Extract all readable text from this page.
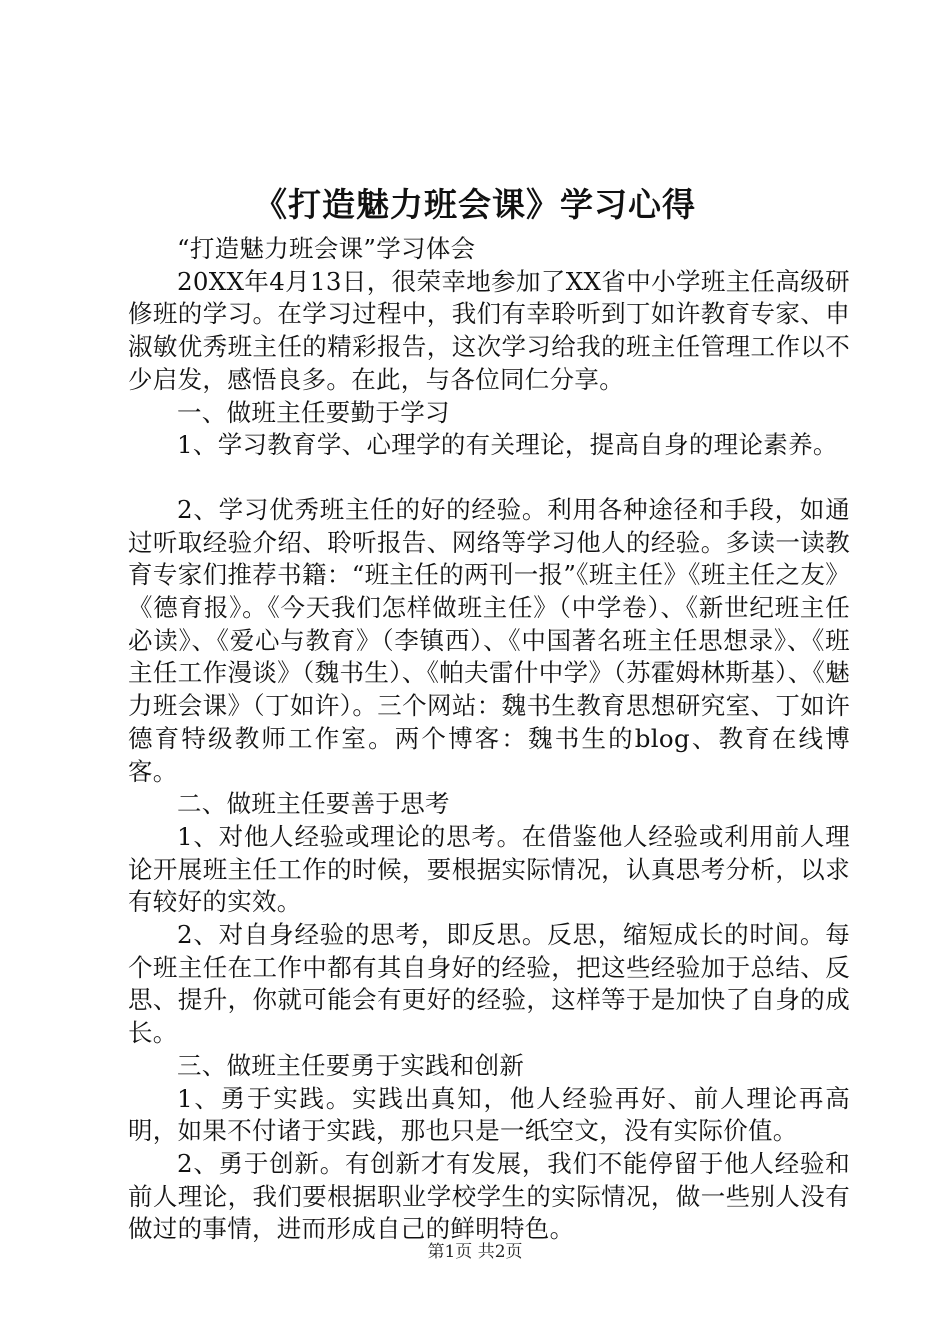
《打造魅力班会课》学习心得

“打造魅力班会课”学习体会

20XX年4月13日，很荣幸地参加了XX省中小学班主任高级研修班的学习。在学习过程中，我们有幸聆听到丁如许教育专家、申淑敏优秀班主任的精彩报告，这次学习给我的班主任管理工作以不少启发，感悟良多。在此，与各位同仁分享。

一、做班主任要勤于学习

1、学习教育学、心理学的有关理论，提高自身的理论素养。

2、学习优秀班主任的好的经验。利用各种途径和手段，如通过听取经验介绍、聆听报告、网络等学习他人的经验。多读一读教育专家们推荐书籍：“班主任的两刊一报”《班主任》《班主任之友》《德育报》。《今天我们怎样做班主任》（中学卷）、《新世纪班主任必读》、《爱心与教育》（李镇西）、《中国著名班主任思想录》、《班主任工作漫谈》（魏书生）、《帕夫雷什中学》（苏霍姆林斯基）、《魅力班会课》（丁如许）。三个网站：魏书生教育思想研究室、丁如许德育特级教师工作室。两个博客：魏书生的blog、教育在线博客。

二、做班主任要善于思考

1、对他人经验或理论的思考。在借鉴他人经验或利用前人理论开展班主任工作的时候，要根据实际情况，认真思考分析，以求有较好的实效。

2、对自身经验的思考，即反思。反思，缩短成长的时间。每个班主任在工作中都有其自身好的经验，把这些经验加于总结、反思、提升，你就可能会有更好的经验，这样等于是加快了自身的成长。

三、做班主任要勇于实践和创新

1、勇于实践。实践出真知，他人经验再好、前人理论再高明，如果不付诸于实践，那也只是一纸空文，没有实际价值。

2、勇于创新。有创新才有发展，我们不能停留于他人经验和前人理论，我们要根据职业学校学生的实际情况，做一些别人没有做过的事情，进而形成自己的鲜明特色。

第1页 共2页
